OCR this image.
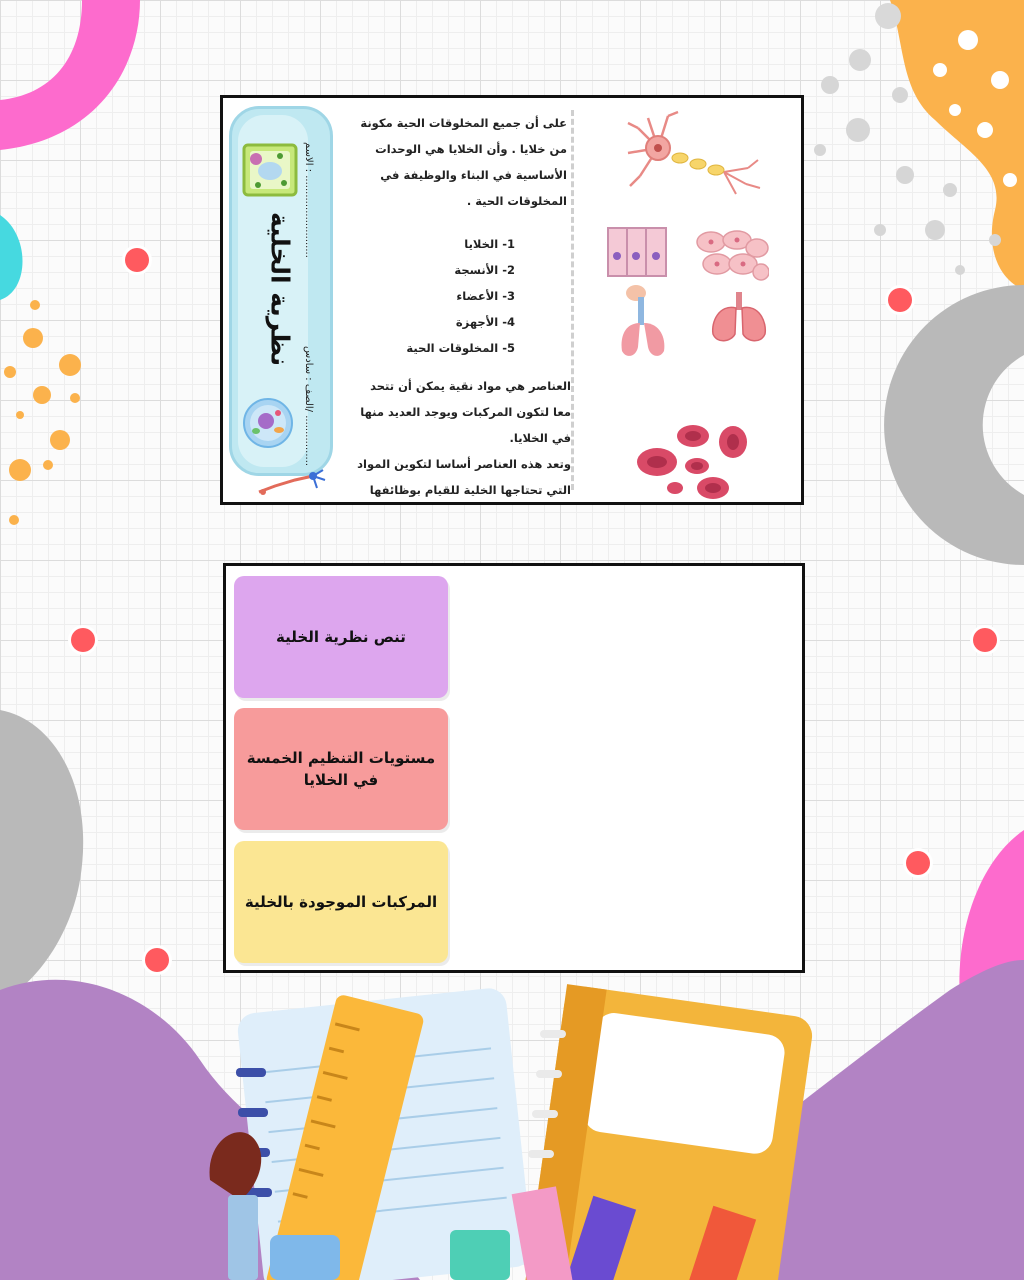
نظرية الخلية
الاسم : ..........................
الصف : سادس/ ................
على أن جميع المخلوقات الحية مكونة
من خلايا . وأن الخلايا هي الوحدات
الأساسية في البناء والوظيفة في
المخلوقات الحية .
1- الخلايا
2- الأنسجة
3- الأعضاء
4- الأجهزة
5- المخلوقات الحية
العناصر هي مواد نقية يمكن أن تتحد
معا لتكون المركبات ويوجد العديد منها
في الخلايا.
وتعد هذه العناصر أساسا لتكوين المواد
التي تحتاجها الخلية للقيام بوظائفها
تنص نظرية الخلية
مستويات التنظيم الخمسة في الخلايا
المركبات الموجودة بالخلية
